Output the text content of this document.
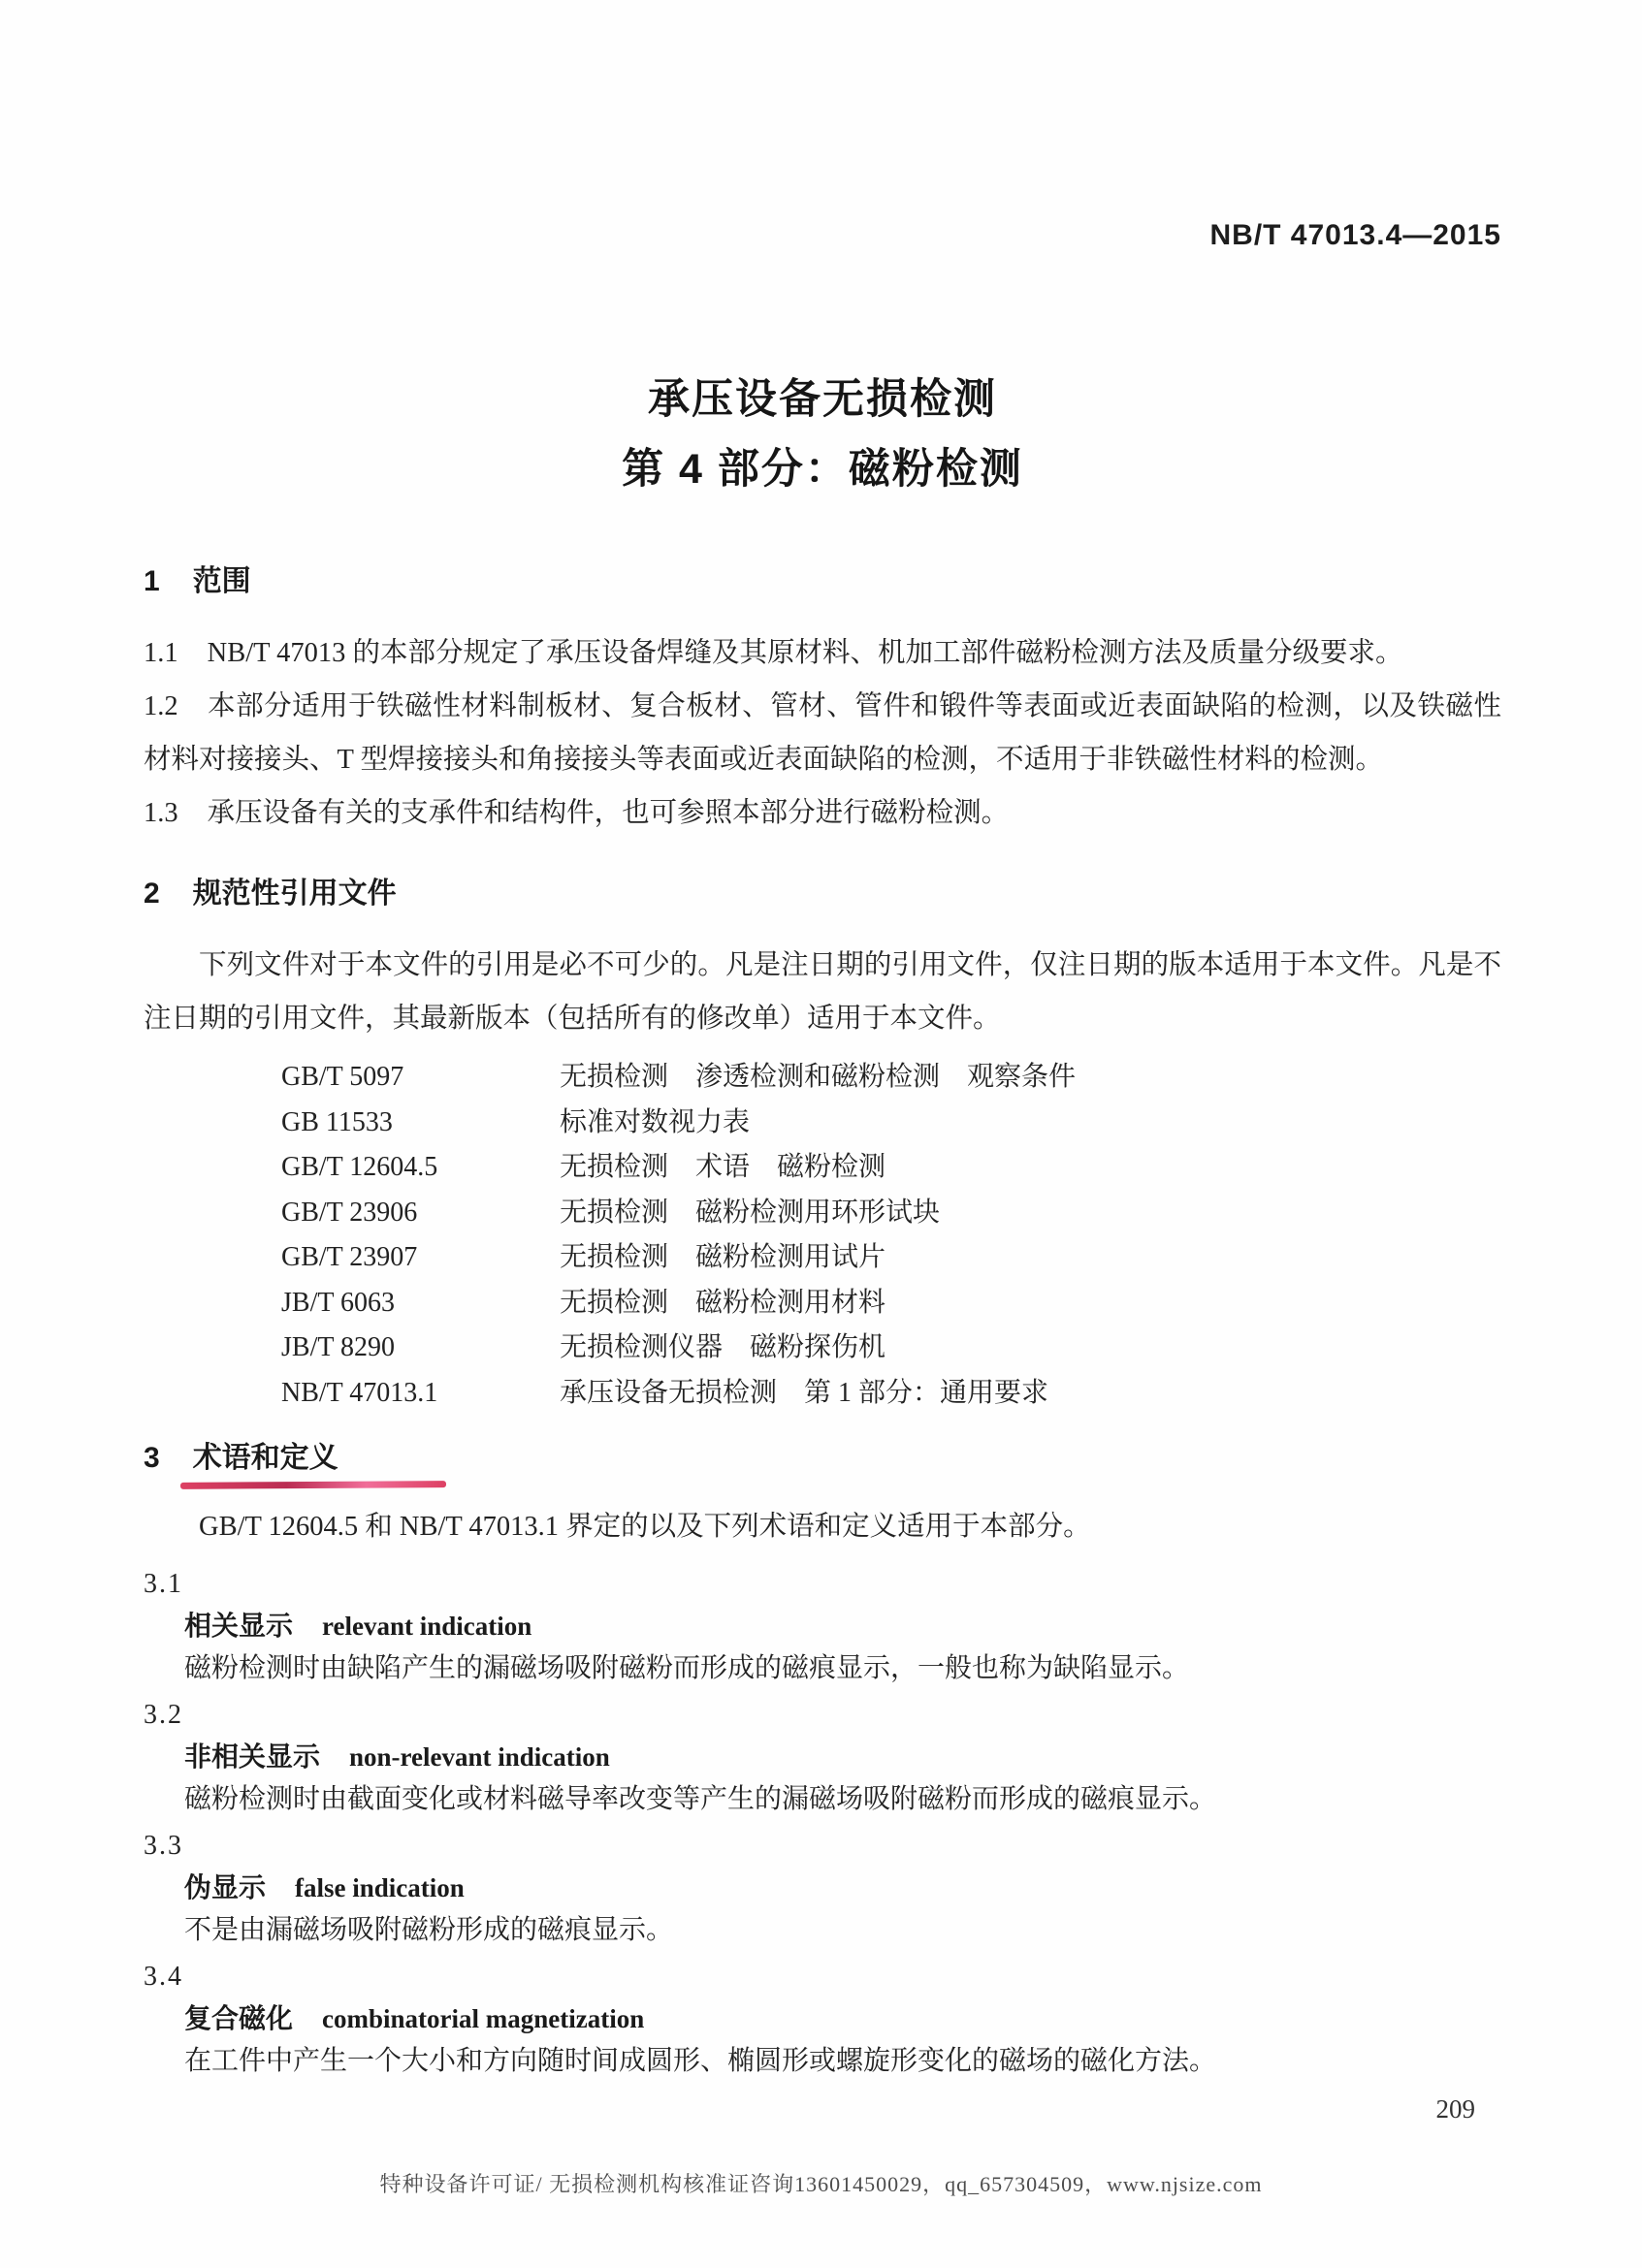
NB/T 47013.4—2015
承压设备无损检测
第 4 部分：磁粉检测
1 范围

1.1 NB/T 47013 的本部分规定了承压设备焊缝及其原材料、机加工部件磁粉检测方法及质量分级要求。

1.2 本部分适用于铁磁性材料制板材、复合板材、管材、管件和锻件等表面或近表面缺陷的检测，以及铁磁性材料对接接头、T 型焊接接头和角接接头等表面或近表面缺陷的检测，不适用于非铁磁性材料的检测。

1.3 承压设备有关的支承件和结构件，也可参照本部分进行磁粉检测。

2 规范性引用文件

下列文件对于本文件的引用是必不可少的。凡是注日期的引用文件，仅注日期的版本适用于本文件。凡是不注日期的引用文件，其最新版本（包括所有的修改单）适用于本文件。

GB/T 5097	无损检测　渗透检测和磁粉检测　观察条件
GB 11533	标准对数视力表
GB/T 12604.5	无损检测　术语　磁粉检测
GB/T 23906	无损检测　磁粉检测用环形试块
GB/T 23907	无损检测　磁粉检测用试片
JB/T 6063	无损检测　磁粉检测用材料
JB/T 8290	无损检测仪器　磁粉探伤机
NB/T 47013.1	承压设备无损检测　第 1 部分：通用要求
3 术语和定义

GB/T 12604.5 和 NB/T 47013.1 界定的以及下列术语和定义适用于本部分。

3.1
相关显示 relevant indication
磁粉检测时由缺陷产生的漏磁场吸附磁粉而形成的磁痕显示，一般也称为缺陷显示。
3.2
非相关显示 non-relevant indication
磁粉检测时由截面变化或材料磁导率改变等产生的漏磁场吸附磁粉而形成的磁痕显示。
3.3
伪显示 false indication
不是由漏磁场吸附磁粉形成的磁痕显示。
3.4
复合磁化 combinatorial magnetization
在工件中产生一个大小和方向随时间成圆形、椭圆形或螺旋形变化的磁场的磁化方法。
209
特种设备许可证/ 无损检测机构核准证咨询13601450029，qq_657304509，www.njsize.com
